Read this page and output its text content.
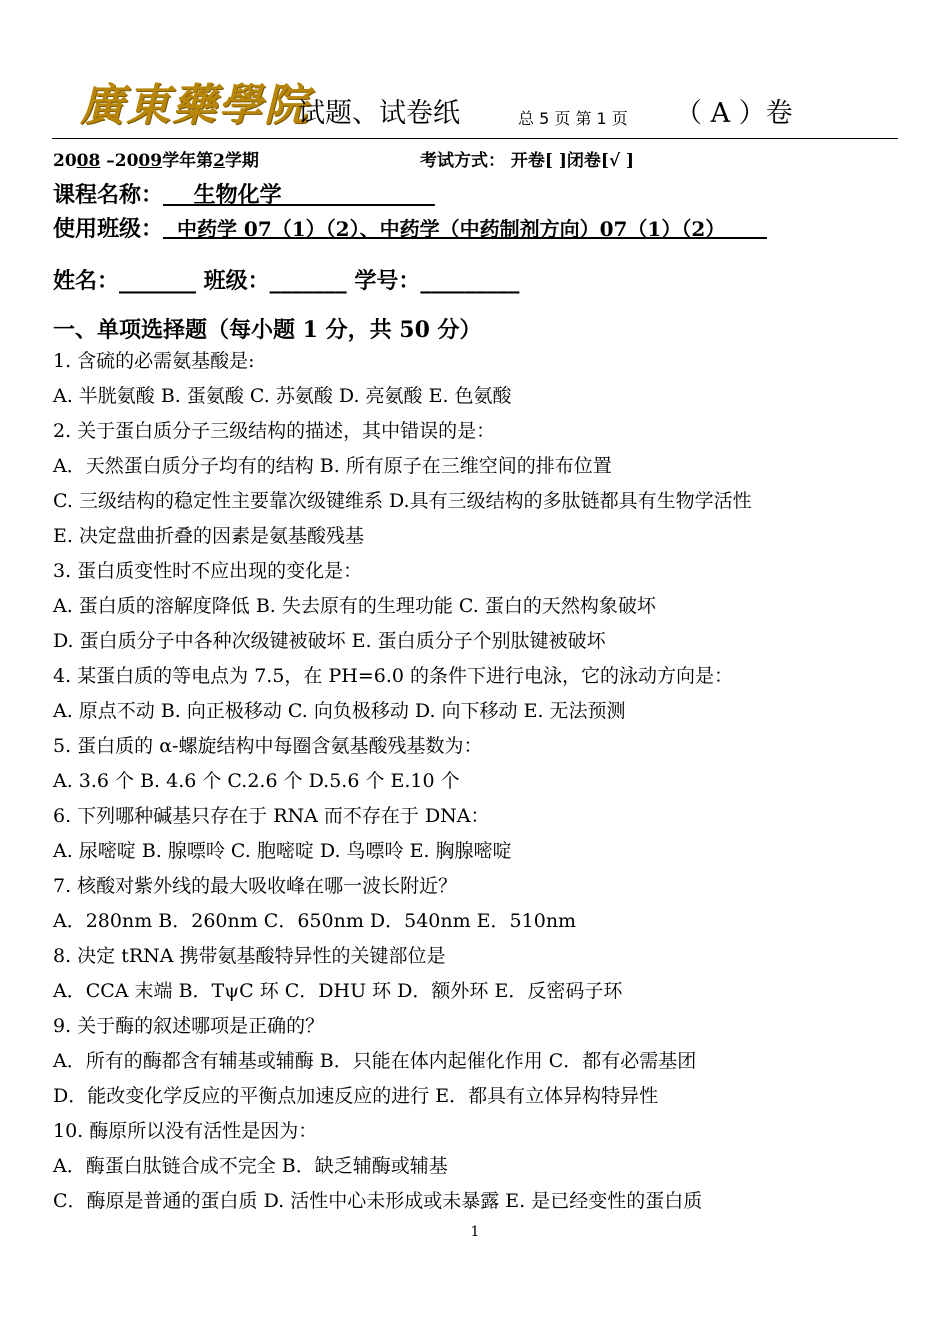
廣東藥學院
试题、试卷纸	总 5 页 第 1 页 （ A ）卷
2008 –2009学年第2学期	考试方式： 开卷[ ]闭卷[√ ]
课程名称：    生物化学
使用班级：  中药学 07（1）（2）、中药学（中药制剂方向）07（1）（2）
姓名：_______ 班级：_______ 学号：_________
一、单项选择题（每小题 1 分，共 50 分）
1. 含硫的必需氨基酸是:
A. 半胱氨酸 B. 蛋氨酸 C. 苏氨酸 D. 亮氨酸 E. 色氨酸
2. 关于蛋白质分子三级结构的描述，其中错误的是：
A．天然蛋白质分子均有的结构 B. 所有原子在三维空间的排布位置
C. 三级结构的稳定性主要靠次级键维系 D.具有三级结构的多肽链都具有生物学活性
E. 决定盘曲折叠的因素是氨基酸残基
3. 蛋白质变性时不应出现的变化是：
A. 蛋白质的溶解度降低 B. 失去原有的生理功能 C. 蛋白的天然构象破坏
D. 蛋白质分子中各种次级键被破坏 E. 蛋白质分子个别肽键被破坏
4. 某蛋白质的等电点为 7.5，在 PH=6.0 的条件下进行电泳，它的泳动方向是：
A. 原点不动 B. 向正极移动 C. 向负极移动 D. 向下移动 E. 无法预测
5. 蛋白质的 α-螺旋结构中每圈含氨基酸残基数为：
A. 3.6 个 B. 4.6 个 C.2.6 个 D.5.6 个 E.10 个
6. 下列哪种碱基只存在于 RNA 而不存在于 DNA：
A. 尿嘧啶 B. 腺嘌呤 C. 胞嘧啶 D. 鸟嘌呤 E. 胸腺嘧啶
7. 核酸对紫外线的最大吸收峰在哪一波长附近？
A．280nm B．260nm C．650nm D．540nm E．510nm
8. 决定 tRNA 携带氨基酸特异性的关键部位是
A．CCA 末端 B．TψC 环 C．DHU 环 D．额外环 E．反密码子环
9. 关于酶的叙述哪项是正确的？
A．所有的酶都含有辅基或辅酶 B．只能在体内起催化作用 C．都有必需基团
D．能改变化学反应的平衡点加速反应的进行 E．都具有立体异构特异性
10. 酶原所以没有活性是因为：
A．酶蛋白肽链合成不完全 B．缺乏辅酶或辅基
C．酶原是普通的蛋白质 D. 活性中心未形成或未暴露 E. 是已经变性的蛋白质
1
